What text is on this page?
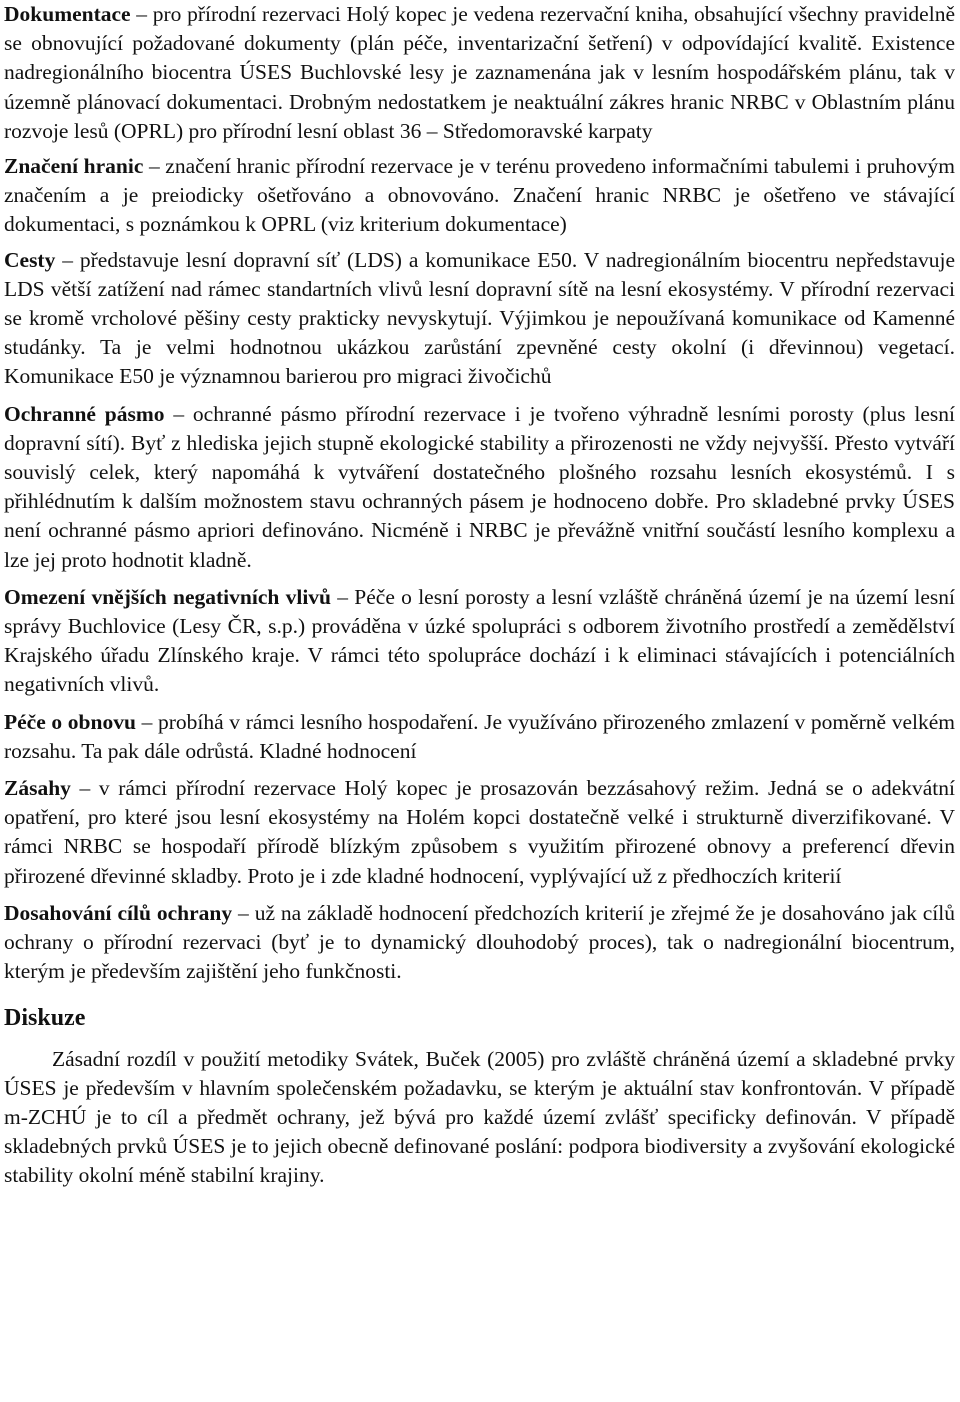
Dokumentace – pro přírodní rezervaci Holý kopec je vedena rezervační kniha, obsahující všechny pravidelně se obnovující požadované dokumenty (plán péče, inventarizační šetření) v odpovídající kvalitě. Existence nadregionálního biocentra ÚSES Buchlovské lesy je zaznamenána jak v lesním hospodářském plánu, tak v územně plánovací dokumentaci. Drobným nedostatkem je neaktuální zákres hranic NRBC v Oblastním plánu rozvoje lesů (OPRL) pro přírodní lesní oblast 36 – Středomoravské karpaty

Značení hranic – značení hranic přírodní rezervace je v terénu provedeno informačními tabulemi i pruhovým značením a je preiodicky ošetřováno a obnovováno. Značení hranic NRBC je ošetřeno ve stávající dokumentaci, s poznámkou k OPRL (viz kriterium dokumentace)

Cesty – představuje lesní dopravní síť (LDS) a komunikace E50. V nadregionálním biocentru nepředstavuje LDS větší zatížení nad rámec standartních vlivů lesní dopravní sítě na lesní ekosystémy. V přírodní rezervaci se kromě vrcholové pěšiny cesty prakticky nevyskytují. Výjimkou je nepoužívaná komunikace od Kamenné studánky. Ta je velmi hodnotnou ukázkou zarůstání zpevněné cesty okolní (i dřevinnou) vegetací. Komunikace E50 je významnou barierou pro migraci živočichů

Ochranné pásmo – ochranné pásmo přírodní rezervace i je tvořeno výhradně lesními porosty (plus lesní dopravní sítí). Byť z hlediska jejich stupně ekologické stability a přirozenosti ne vždy nejvyšší. Přesto vytváří souvislý celek, který napomáhá k vytváření dostatečného plošného rozsahu lesních ekosystémů. I s přihlédnutím k dalším možnostem stavu ochranných pásem je hodnoceno dobře. Pro skladebné prvky ÚSES není ochranné pásmo apriori definováno. Nicméně i NRBC je převážně vnitřní součástí lesního komplexu a lze jej proto hodnotit kladně.

Omezení vnějších negativních vlivů – Péče o lesní porosty a lesní vzláště chráněná území je na území lesní správy Buchlovice (Lesy ČR, s.p.) prováděna v úzké spolupráci s odborem životního prostředí a zemědělství Krajského úřadu Zlínského kraje. V rámci této spolupráce dochází i k eliminaci stávajících i potenciálních negativních vlivů.

Péče o obnovu – probíhá v rámci lesního hospodaření. Je využíváno přirozeného zmlazení v poměrně velkém rozsahu. Ta pak dále odrůstá. Kladné hodnocení

Zásahy – v rámci přírodní rezervace Holý kopec je prosazován bezzásahový režim. Jedná se o adekvátní opatření, pro které jsou lesní ekosystémy na Holém kopci dostatečně velké i strukturně diverzifikované. V rámci NRBC se hospodaří přírodě blízkým způsobem s využitím přirozené obnovy a preferencí dřevin přirozené dřevinné skladby. Proto je i zde kladné hodnocení, vyplývající už z předhoczích kriterií

Dosahování cílů ochrany – už na základě hodnocení předchozích kriterií je zřejmé že je dosahováno jak cílů ochrany o přírodní rezervaci (byť je to dynamický dlouhodobý proces), tak o nadregionální biocentrum, kterým je především zajištění jeho funkčnosti.

Diskuze

Zásadní rozdíl v použití metodiky Svátek, Buček (2005) pro zvláště chráněná území a skladebné prvky ÚSES je především v hlavním společenském požadavku, se kterým je aktuální stav konfrontován. V případě m-ZCHÚ je to cíl a předmět ochrany, jež bývá pro každé území zvlášť specificky definován. V případě skladebných prvků ÚSES je to jejich obecně definované poslání: podpora biodiversity a zvyšování ekologické stability okolní méně stabilní krajiny.
